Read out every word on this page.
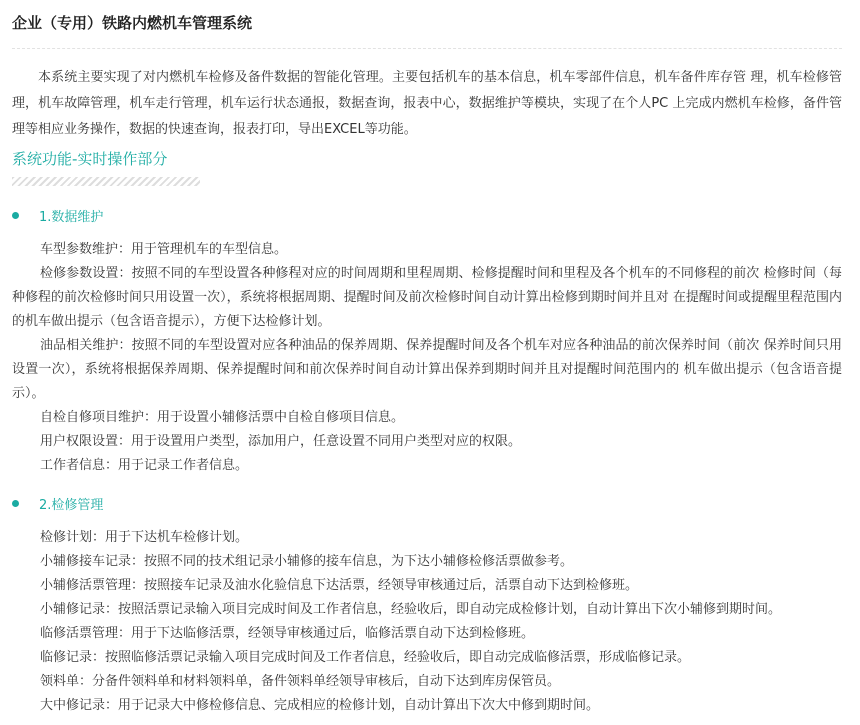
企业（专用）铁路内燃机车管理系统

本系统主要实现了对内燃机车检修及备件数据的智能化管理。主要包括机车的基本信息，机车零部件信息，机车备件库存管 理，机车检修管理，机车故障管理，机车走行管理，机车运行状态通报，数据查询，报表中心，数据维护等模块，实现了在个人PC 上完成内燃机车检修，备件管理等相应业务操作，数据的快速查询，报表打印，导出EXCEL等功能。

系统功能-实时操作部分
1.数据维护

车型参数维护：用于管理机车的车型信息。

检修参数设置：按照不同的车型设置各种修程对应的时间周期和里程周期、检修提醒时间和里程及各个机车的不同修程的前次 检修时间（每种修程的前次检修时间只用设置一次），系统将根据周期、提醒时间及前次检修时间自动计算出检修到期时间并且对 在提醒时间或提醒里程范围内的机车做出提示（包含语音提示），方便下达检修计划。

油品相关维护：按照不同的车型设置对应各种油品的保养周期、保养提醒时间及各个机车对应各种油品的前次保养时间（前次 保养时间只用设置一次），系统将根据保养周期、保养提醒时间和前次保养时间自动计算出保养到期时间并且对提醒时间范围内的 机车做出提示（包含语音提示）。

自检自修项目维护：用于设置小辅修活票中自检自修项目信息。

用户权限设置：用于设置用户类型，添加用户，任意设置不同用户类型对应的权限。

工作者信息：用于记录工作者信息。

2.检修管理

检修计划：用于下达机车检修计划。

小辅修接车记录：按照不同的技术组记录小辅修的接车信息，为下达小辅修检修活票做参考。

小辅修活票管理：按照接车记录及油水化验信息下达活票，经领导审核通过后，活票自动下达到检修班。

小辅修记录：按照活票记录输入项目完成时间及工作者信息，经验收后，即自动完成检修计划，自动计算出下次小辅修到期时间。

临修活票管理：用于下达临修活票，经领导审核通过后，临修活票自动下达到检修班。

临修记录：按照临修活票记录输入项目完成时间及工作者信息，经验收后，即自动完成临修活票，形成临修记录。

领料单：分备件领料单和材料领料单，备件领料单经领导审核后，自动下达到库房保管员。

大中修记录：用于记录大中修检修信息、完成相应的检修计划，自动计算出下次大中修到期时间。
